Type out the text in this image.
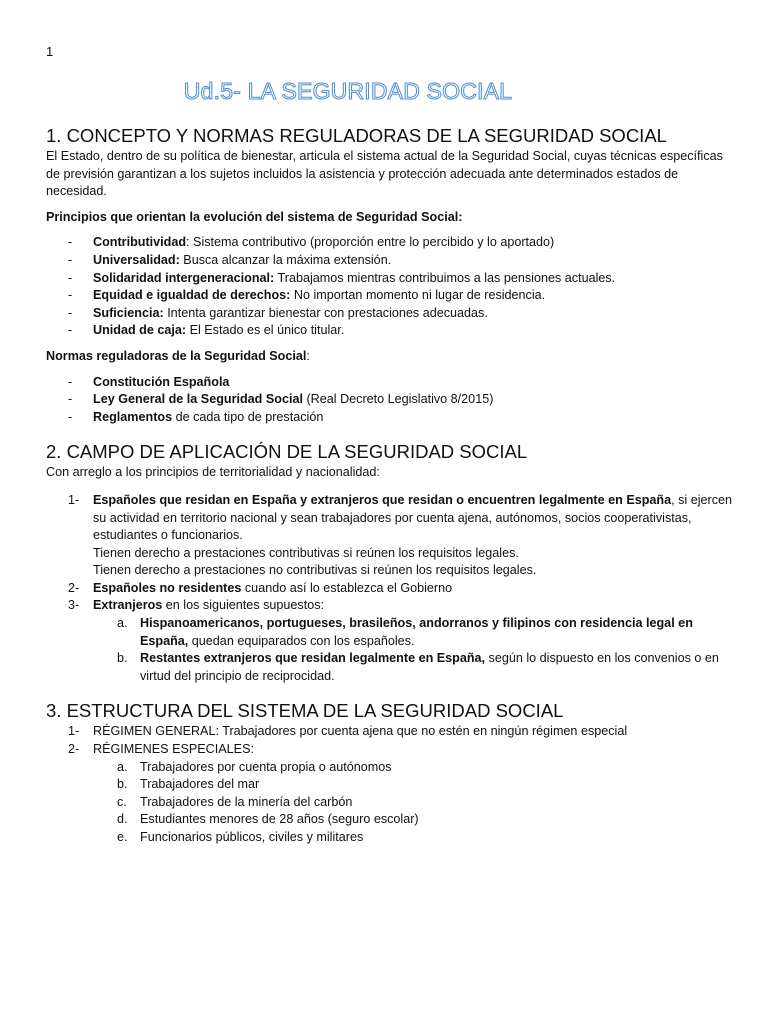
1
Ud.5- LA SEGURIDAD SOCIAL
1. CONCEPTO Y NORMAS REGULADORAS DE LA SEGURIDAD SOCIAL

El Estado, dentro de su política de bienestar, articula el sistema actual de la Seguridad Social, cuyas técnicas específicas de previsión garantizan a los sujetos incluidos la asistencia y protección adecuada ante determinados estados de necesidad.

Principios que orientan la evolución del sistema de Seguridad Social:

- Contributividad: Sistema contributivo (proporción entre lo percibido y lo aportado)
- Universalidad: Busca alcanzar la máxima extensión.
- Solidaridad intergeneracional: Trabajamos mientras contribuimos a las pensiones actuales.
- Equidad e igualdad de derechos: No importan momento ni lugar de residencia.
- Suficiencia: Intenta garantizar bienestar con prestaciones adecuadas.
- Unidad de caja: El Estado es el único titular.

Normas reguladoras de la Seguridad Social:

- Constitución Española
- Ley General de la Seguridad Social (Real Decreto Legislativo 8/2015)
- Reglamentos de cada tipo de prestación
2. CAMPO DE APLICACIÓN DE LA SEGURIDAD SOCIAL

Con arreglo a los principios de territorialidad y nacionalidad:

1- Españoles que residan en España y extranjeros que residan o encuentren legalmente en España, si ejercen su actividad en territorio nacional y sean trabajadores por cuenta ajena, autónomos, socios cooperativistas, estudiantes o funcionarios.
Tienen derecho a prestaciones contributivas si reúnen los requisitos legales.
Tienen derecho a prestaciones no contributivas si reúnen los requisitos legales.
2- Españoles no residentes cuando así lo establezca el Gobierno
3- Extranjeros en los siguientes supuestos:
a. Hispanoamericanos, portugueses, brasileños, andorranos y filipinos con residencia legal en España, quedan equiparados con los españoles.
b. Restantes extranjeros que residan legalmente en España, según lo dispuesto en los convenios o en virtud del principio de reciprocidad.
3. ESTRUCTURA DEL SISTEMA DE LA SEGURIDAD SOCIAL
1- RÉGIMEN GENERAL: Trabajadores por cuenta ajena que no estén en ningún régimen especial
2- RÉGIMENES ESPECIALES:
a. Trabajadores por cuenta propia o autónomos
b. Trabajadores del mar
c. Trabajadores de la minería del carbón
d. Estudiantes menores de 28 años (seguro escolar)
e. Funcionarios públicos, civiles y militares
